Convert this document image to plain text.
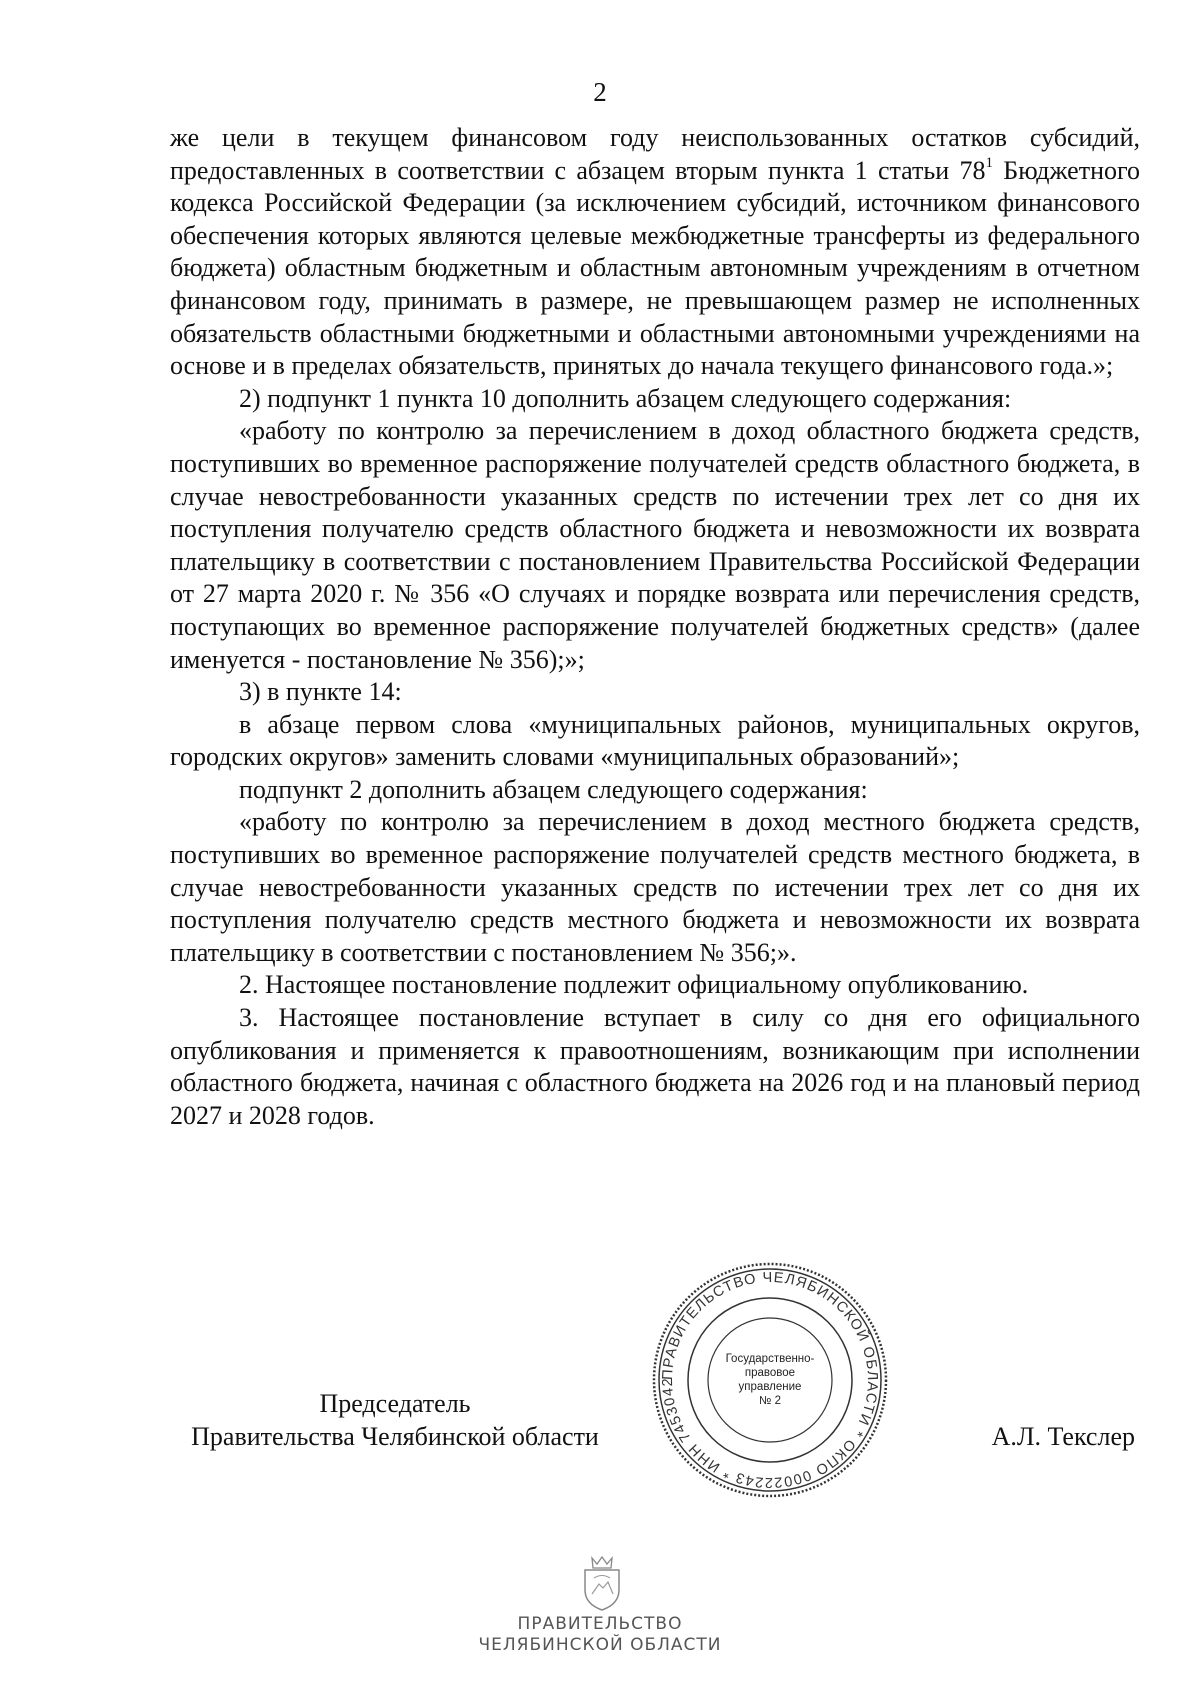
2

же цели в текущем финансовом году неиспользованных остатков субсидий, предоставленных в соответствии с абзацем вторым пункта 1 статьи $78^1$ Бюджетного кодекса Российской Федерации (за исключением субсидий, источником финансового обеспечения которых являются целевые межбюджетные трансферты из федерального бюджета) областным бюджетным и областным автономным учреждениям в отчетном финансовом году, принимать в размере, не превышающем размер не исполненных обязательств областными бюджетными и областными автономными учреждениями на основе и в пределах обязательств, принятых до начала текущего финансового года.»;

2) подпункт 1 пункта 10 дополнить абзацем следующего содержания:

«работу по контролю за перечислением в доход областного бюджета средств, поступивших во временное распоряжение получателей средств областного бюджета, в случае невостребованности указанных средств по истечении трех лет со дня их поступления получателю средств областного бюджета и невозможности их возврата плательщику в соответствии с постановлением Правительства Российской Федерации от 27 марта 2020 г. № 356 «О случаях и порядке возврата или перечисления средств, поступающих во временное распоряжение получателей бюджетных средств» (далее именуется - постановление № 356);»;

3) в пункте 14:

в абзаце первом слова «муниципальных районов, муниципальных округов, городских округов» заменить словами «муниципальных образований»;

подпункт 2 дополнить абзацем следующего содержания:

«работу по контролю за перечислением в доход местного бюджета средств, поступивших во временное распоряжение получателей средств местного бюджета, в случае невостребованности указанных средств по истечении трех лет со дня их поступления получателю средств местного бюджета и невозможности их возврата плательщику в соответствии с постановлением № 356;».

2. Настоящее постановление подлежит официальному опубликованию.

3. Настоящее постановление вступает в силу со дня его официального опубликования и применяется к правоотношениям, возникающим при исполнении областного бюджета, начиная с областного бюджета на 2026 год и на плановый период 2027 и 2028 годов.

Председатель
Правительства Челябинской области	А.Л. Текслер
ПРАВИТЕЛЬСТВО ЧЕЛЯБИНСКОЙ ОБЛАСТИ * ОКПО 00022243 * ИНН 7453042
Государственно-
правовое
управление
№ 2
ПРАВИТЕЛЬСТВО
ЧЕЛЯБИНСКОЙ ОБЛАСТИ
